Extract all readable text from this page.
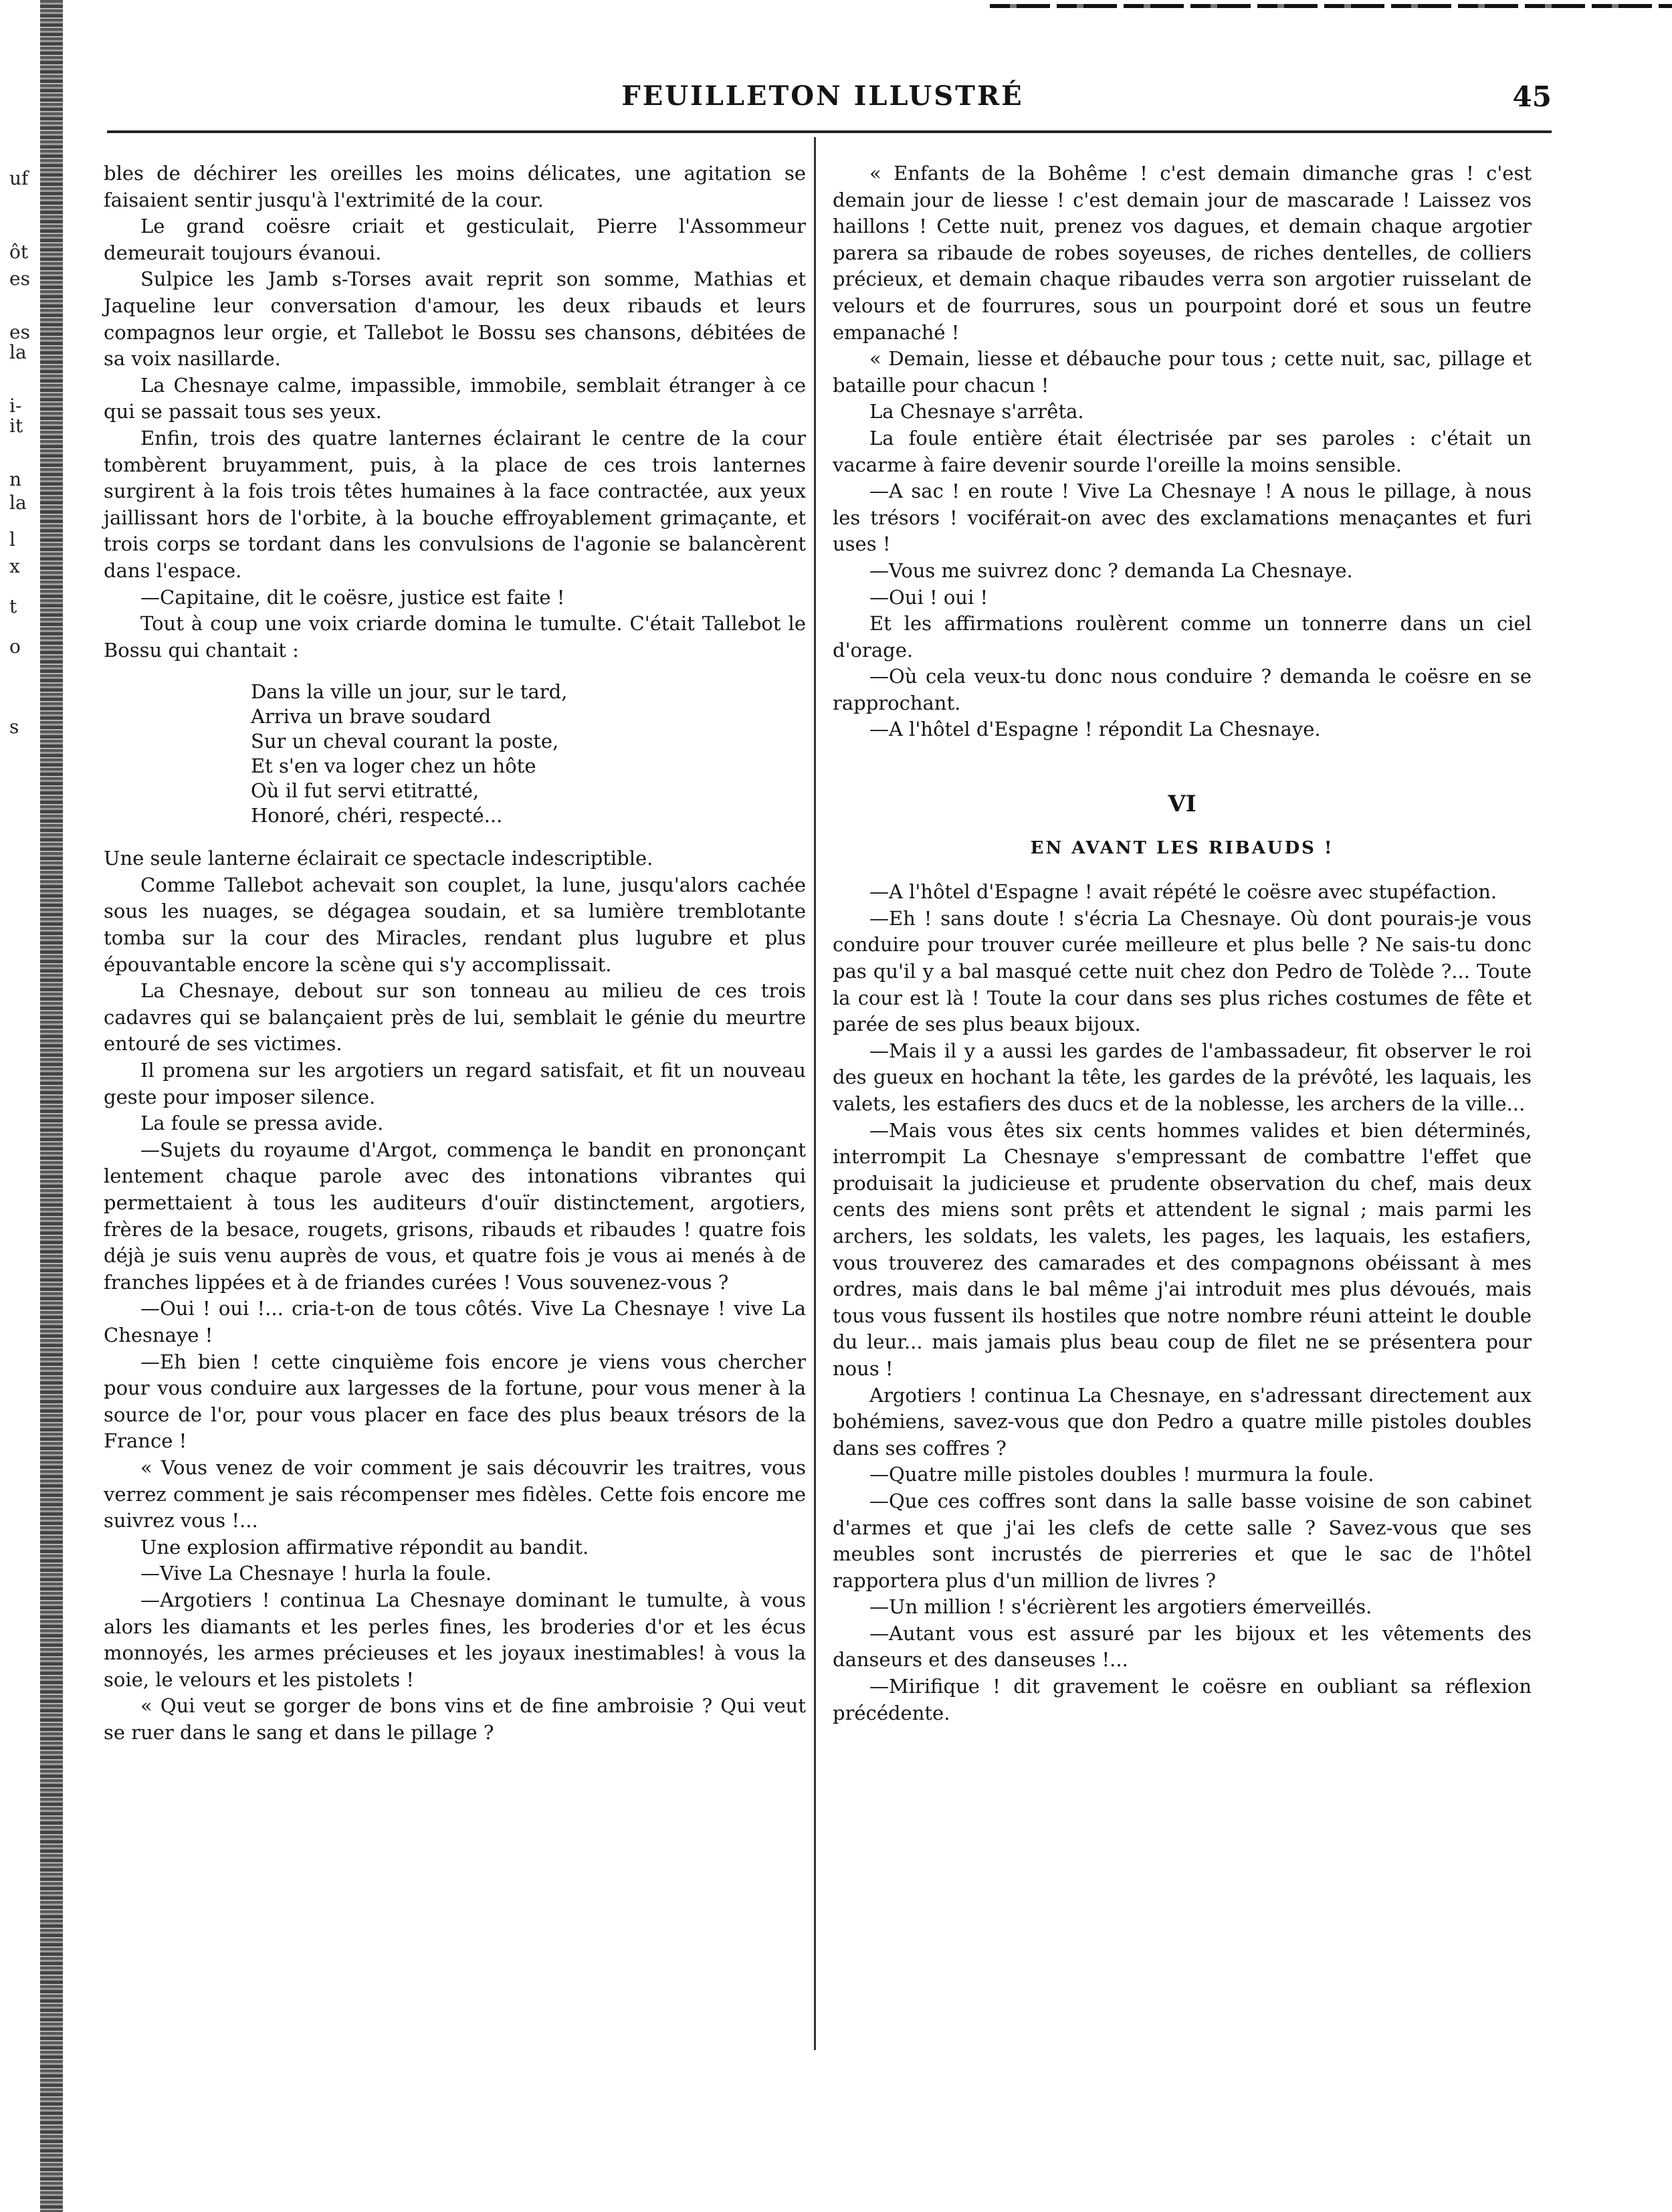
uf
ôt
es
es
la
i-
it
n
la
l
x
t
o
s
FEUILLETON ILLUSTRÉ	45

bles de déchirer les oreilles les moins délicates, une agitation se faisaient sentir jusqu'à l'extrimité de la cour.

Le grand coësre criait et gesticulait, Pierre l'Assommeur demeurait toujours évanoui.

Sulpice les Jamb s-Torses avait reprit son somme, Mathias et Jaqueline leur conversation d'amour, les deux ribauds et leurs compagnos leur orgie, et Tallebot le Bossu ses chansons, débitées de sa voix nasillarde.

La Chesnaye calme, impassible, immobile, semblait étranger à ce qui se passait tous ses yeux.

Enfin, trois des quatre lanternes éclairant le centre de la cour tombèrent bruyamment, puis, à la place de ces trois lanternes surgirent à la fois trois têtes humaines à la face contractée, aux yeux jaillissant hors de l'orbite, à la bouche effroyablement grimaçante, et trois corps se tordant dans les convulsions de l'agonie se balancèrent dans l'espace.

—Capitaine, dit le coësre, justice est faite !

Tout à coup une voix criarde domina le tumulte. C'était Tallebot le Bossu qui chantait :

Dans la ville un jour, sur le tard,
Arriva un brave soudard
Sur un cheval courant la poste,
Et s'en va loger chez un hôte
Où il fut servi etitratté,
Honoré, chéri, respecté...

Une seule lanterne éclairait ce spectacle indescriptible.

Comme Tallebot achevait son couplet, la lune, jusqu'alors cachée sous les nuages, se dégagea soudain, et sa lumière tremblotante tomba sur la cour des Miracles, rendant plus lugubre et plus épouvantable encore la scène qui s'y accomplissait.

La Chesnaye, debout sur son tonneau au milieu de ces trois cadavres qui se balançaient près de lui, semblait le génie du meurtre entouré de ses victimes.

Il promena sur les argotiers un regard satisfait, et fit un nouveau geste pour imposer silence.

La foule se pressa avide.

—Sujets du royaume d'Argot, commença le bandit en prononçant lentement chaque parole avec des intonations vibrantes qui permettaient à tous les auditeurs d'ouïr distinctement, argotiers, frères de la besace, rougets, grisons, ribauds et ribaudes ! quatre fois déjà je suis venu auprès de vous, et quatre fois je vous ai menés à de franches lippées et à de friandes curées ! Vous souvenez-vous ?

—Oui ! oui !... cria-t-on de tous côtés. Vive La Chesnaye ! vive La Chesnaye !

—Eh bien ! cette cinquième fois encore je viens vous chercher pour vous conduire aux largesses de la fortune, pour vous mener à la source de l'or, pour vous placer en face des plus beaux trésors de la France !

« Vous venez de voir comment je sais découvrir les traitres, vous verrez comment je sais récompenser mes fidèles. Cette fois encore me suivrez vous !...

Une explosion affirmative répondit au bandit.

—Vive La Chesnaye ! hurla la foule.

—Argotiers ! continua La Chesnaye dominant le tumulte, à vous alors les diamants et les perles fines, les broderies d'or et les écus monnoyés, les armes précieuses et les joyaux inestimables! à vous la soie, le velours et les pistolets !

« Qui veut se gorger de bons vins et de fine ambroisie ? Qui veut se ruer dans le sang et dans le pillage ?

« Enfants de la Bohême ! c'est demain dimanche gras ! c'est demain jour de liesse ! c'est demain jour de mascarade ! Laissez vos haillons ! Cette nuit, prenez vos dagues, et demain chaque argotier parera sa ribaude de robes soyeuses, de riches dentelles, de colliers précieux, et demain chaque ribaudes verra son argotier ruisselant de velours et de fourrures, sous un pourpoint doré et sous un feutre empanaché !

« Demain, liesse et débauche pour tous ; cette nuit, sac, pillage et bataille pour chacun !

La Chesnaye s'arrêta.

La foule entière était électrisée par ses paroles : c'était un vacarme à faire devenir sourde l'oreille la moins sensible.

—A sac ! en route ! Vive La Chesnaye ! A nous le pillage, à nous les trésors ! vociférait-on avec des exclamations menaçantes et furi uses !

—Vous me suivrez donc ? demanda La Chesnaye.

—Oui ! oui !

Et les affirmations roulèrent comme un tonnerre dans un ciel d'orage.

—Où cela veux-tu donc nous conduire ? demanda le coësre en se rapprochant.

—A l'hôtel d'Espagne ! répondit La Chesnaye.

VI
EN AVANT LES RIBAUDS !

—A l'hôtel d'Espagne ! avait répété le coësre avec stupéfaction.

—Eh ! sans doute ! s'écria La Chesnaye. Où dont pourais-je vous conduire pour trouver curée meilleure et plus belle ? Ne sais-tu donc pas qu'il y a bal masqué cette nuit chez don Pedro de Tolède ?... Toute la cour est là ! Toute la cour dans ses plus riches costumes de fête et parée de ses plus beaux bijoux.

—Mais il y a aussi les gardes de l'ambassadeur, fit observer le roi des gueux en hochant la tête, les gardes de la prévôté, les laquais, les valets, les estafiers des ducs et de la noblesse, les archers de la ville...

—Mais vous êtes six cents hommes valides et bien déterminés, interrompit La Chesnaye s'empressant de combattre l'effet que produisait la judicieuse et prudente observation du chef, mais deux cents des miens sont prêts et attendent le signal ; mais parmi les archers, les soldats, les valets, les pages, les laquais, les estafiers, vous trouverez des camarades et des compagnons obéissant à mes ordres, mais dans le bal même j'ai introduit mes plus dévoués, mais tous vous fussent ils hostiles que notre nombre réuni atteint le double du leur... mais jamais plus beau coup de filet ne se présentera pour nous !

Argotiers ! continua La Chesnaye, en s'adressant directement aux bohémiens, savez-vous que don Pedro a quatre mille pistoles doubles dans ses coffres ?

—Quatre mille pistoles doubles ! murmura la foule.

—Que ces coffres sont dans la salle basse voisine de son cabinet d'armes et que j'ai les clefs de cette salle ? Savez-vous que ses meubles sont incrustés de pierreries et que le sac de l'hôtel rapportera plus d'un million de livres ?

—Un million ! s'écrièrent les argotiers émerveillés.

—Autant vous est assuré par les bijoux et les vêtements des danseurs et des danseuses !...

—Mirifique ! dit gravement le coësre en oubliant sa réflexion précédente.
